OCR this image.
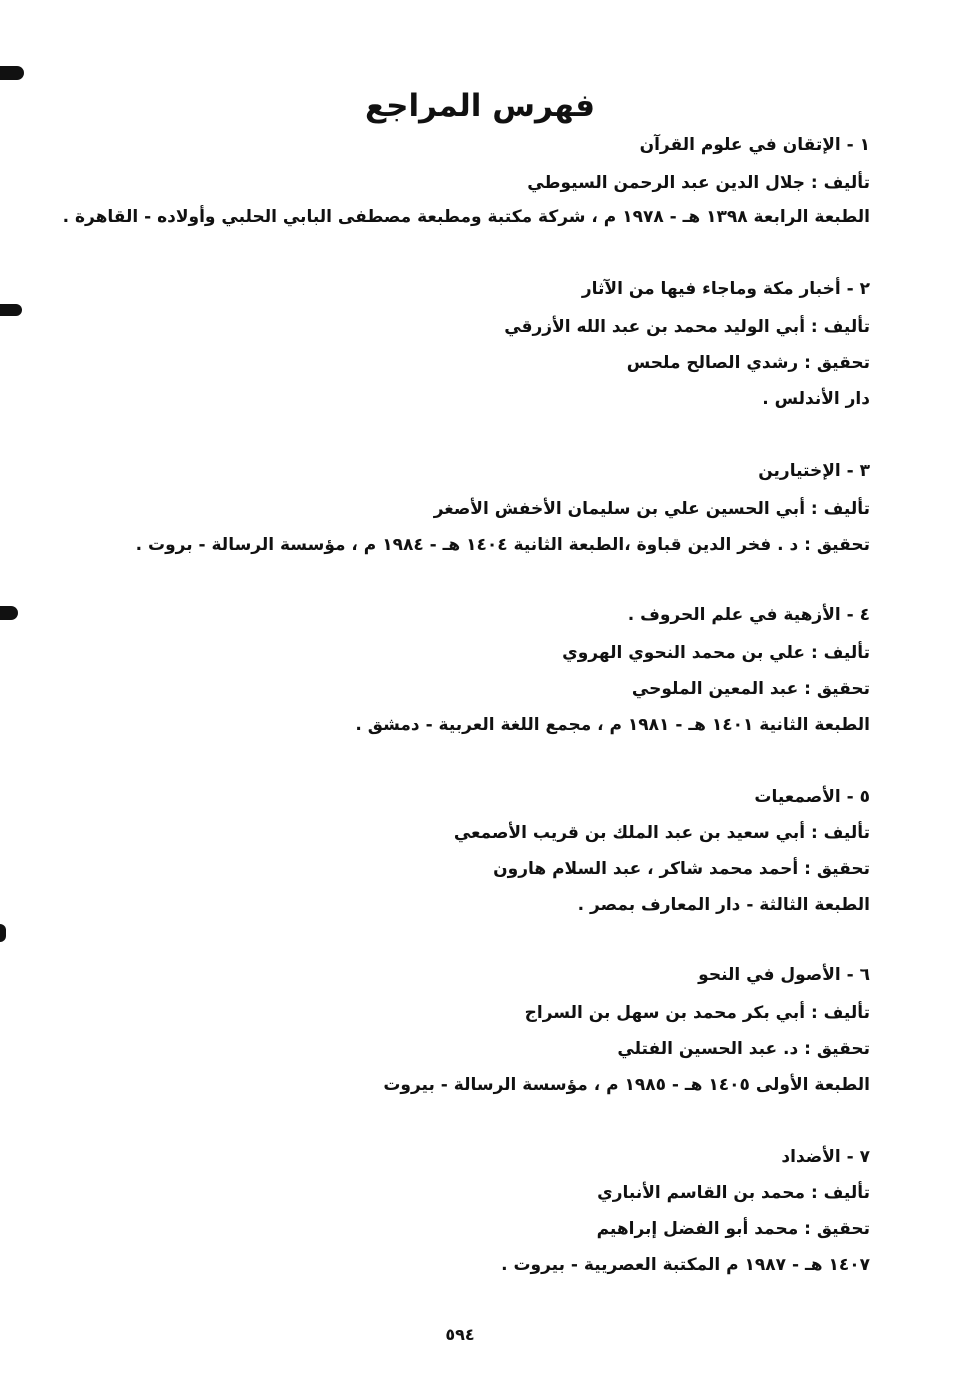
فهرس المراجع
١ - الإتقان في علوم القرآن
تأليف : جلال الدين عبد الرحمن السيوطي
الطبعة الرابعة ١٣٩٨ هـ - ١٩٧٨ م ، شركة مكتبة ومطبعة مصطفى البابي الحلبي وأولاده - القاهرة .
٢ - أخبار مكة وماجاء فيها من الآثار
تأليف : أبي الوليد محمد بن عبد الله الأزرقي
تحقيق : رشدي الصالح ملحس
دار الأندلس .
٣ - الإختيارين
تأليف : أبي الحسين علي بن سليمان الأخفش الأصغر
تحقيق : د . فخر الدين قباوة ،الطبعة الثانية ١٤٠٤ هـ - ١٩٨٤ م ، مؤسسة الرسالة - بروت .
٤ - الأزهية في علم الحروف .
تأليف : علي بن محمد النحوي الهروي
تحقيق : عبد المعين الملوحي
الطبعة الثانية ١٤٠١ هـ - ١٩٨١ م ، مجمع اللغة العربية - دمشق .
٥ - الأصمعيات
تأليف : أبي سعيد بن عبد الملك بن قريب الأصمعي
تحقيق : أحمد محمد شاكر ، عبد السلام هارون
الطبعة الثالثة - دار المعارف بمصر .
٦ - الأصول في النحو
تأليف : أبي بكر محمد بن سهل بن السراج
تحقيق : د. عبد الحسين الفتلي
الطبعة الأولى ١٤٠٥ هـ - ١٩٨٥ م ، مؤسسة الرسالة - بيروت
٧ - الأضداد
تأليف : محمد بن القاسم الأنباري
تحقيق : محمد أبو الفضل إبراهيم
١٤٠٧ هـ - ١٩٨٧ م المكتبة العصريية - بيروت .
٥٩٤
